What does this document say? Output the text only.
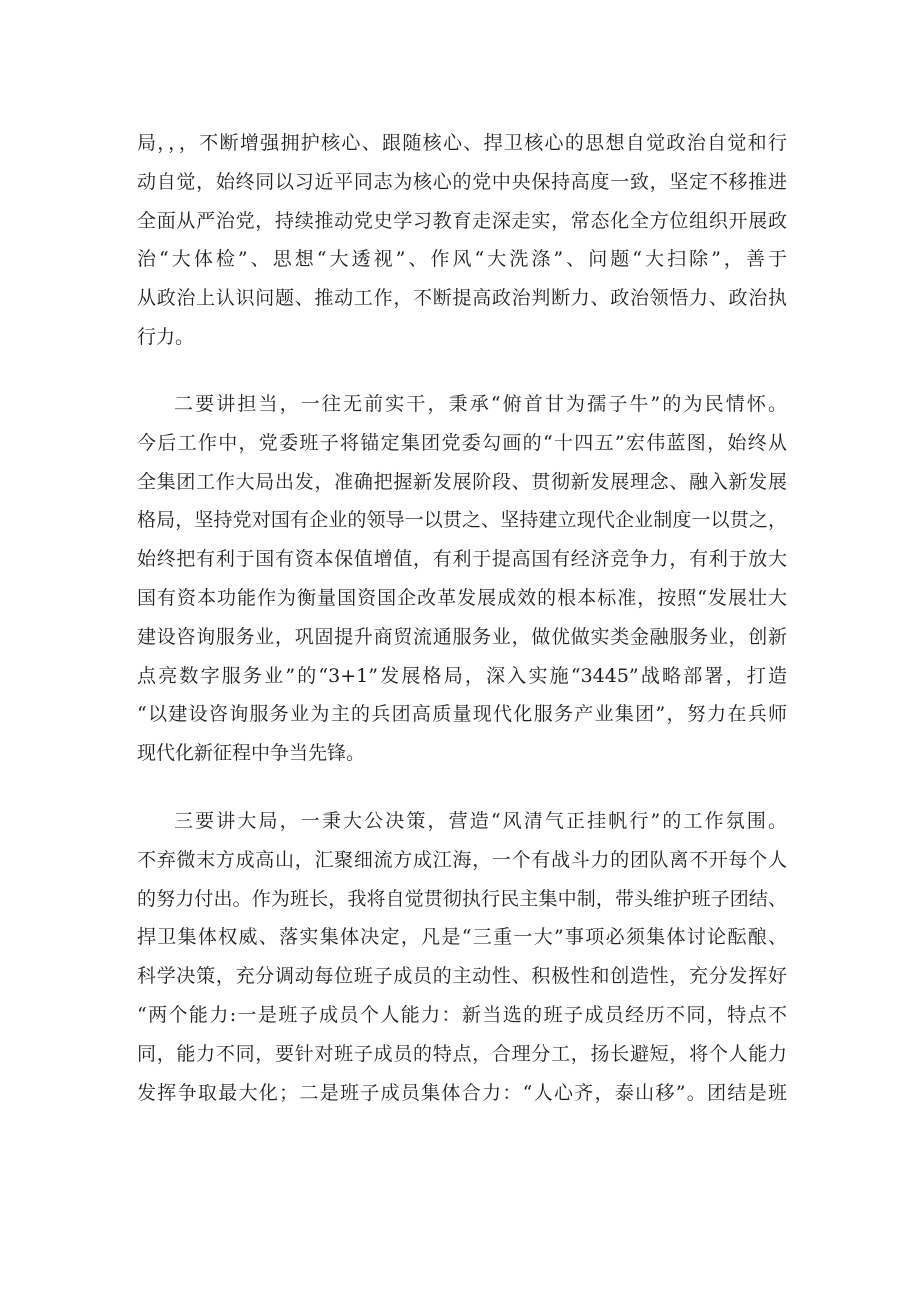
局，，，不断增强拥护核心、跟随核心、捍卫核心的思想自觉政治自觉和行
动自觉，始终同以习近平同志为核心的党中央保持高度一致，坚定不移推进
全面从严治党，持续推动党史学习教育走深走实，常态化全方位组织开展政
治“大体检”、思想“大透视”、作风“大洗涤”、问题“大扫除”，善于
从政治上认识问题、推动工作，不断提高政治判断力、政治领悟力、政治执
行力。
二要讲担当，一往无前实干，秉承“俯首甘为孺子牛”的为民情怀。
今后工作中，党委班子将锚定集团党委勾画的“十四五”宏伟蓝图，始终从
全集团工作大局出发，准确把握新发展阶段、贯彻新发展理念、融入新发展
格局，坚持党对国有企业的领导一以贯之、坚持建立现代企业制度一以贯之，
始终把有利于国有资本保值增值，有利于提高国有经济竞争力，有利于放大
国有资本功能作为衡量国资国企改革发展成效的根本标准，按照“发展壮大
建设咨询服务业，巩固提升商贸流通服务业，做优做实类金融服务业，创新
点亮数字服务业”的“3+1”发展格局，深入实施“3445”战略部署，打造
“以建设咨询服务业为主的兵团高质量现代化服务产业集团”，努力在兵师
现代化新征程中争当先锋。
三要讲大局，一秉大公决策，营造“风清气正挂帆行”的工作氛围。
不弃微末方成高山，汇聚细流方成江海，一个有战斗力的团队离不开每个人
的努力付出。作为班长，我将自觉贯彻执行民主集中制，带头维护班子团结、
捍卫集体权威、落实集体决定，凡是“三重一大”事项必须集体讨论酝酿、
科学决策，充分调动每位班子成员的主动性、积极性和创造性，充分发挥好
“两个能力:一是班子成员个人能力：新当选的班子成员经历不同，特点不
同，能力不同，要针对班子成员的特点，合理分工，扬长避短，将个人能力
发挥争取最大化；二是班子成员集体合力：“人心齐，泰山移”。团结是班
